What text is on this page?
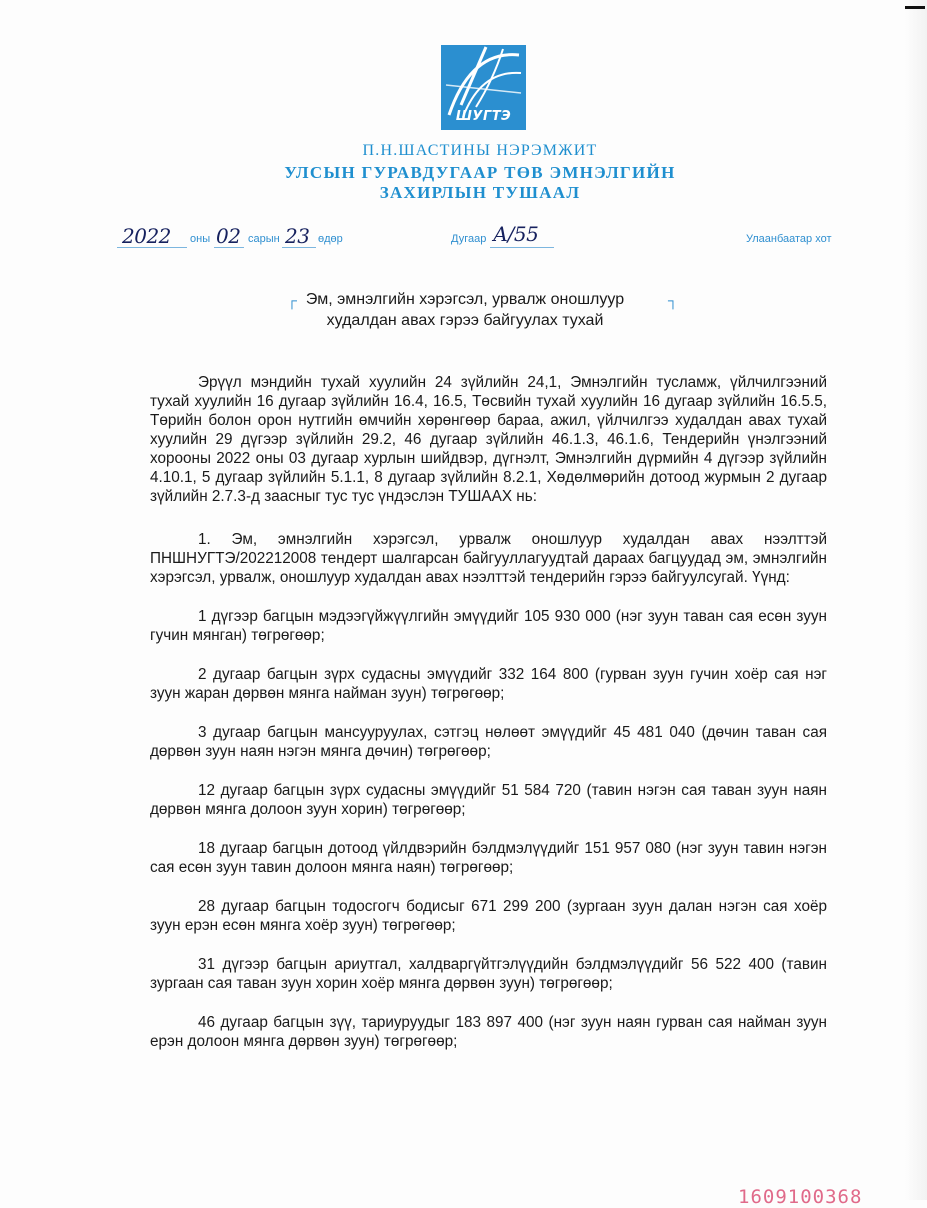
ШУГТЭ
П.Н.ШАСТИНЫ НЭРЭМЖИТ
УЛСЫН ГУРАВДУГААР ТӨВ ЭМНЭЛГИЙН
ЗАХИРЛЫН ТУШААЛ
2022 оны 02 сарын 23 өдөр	Дугаар А/55	Улаанбаатар хот
┌ Эм, эмнэлгийн хэрэгсэл, урвалж оношлуур	┐
худалдан авах гэрээ байгуулах тухай

Эрүүл мэндийн тухай хуулийн 24 зүйлийн 24,1, Эмнэлгийн тусламж, үйлчилгээний тухай хуулийн 16 дугаар зүйлийн 16.4, 16.5, Төсвийн тухай хуулийн 16 дугаар зүйлийн 16.5.5, Төрийн болон орон нутгийн өмчийн хөрөнгөөр бараа, ажил, үйлчилгээ худалдан авах тухай хуулийн 29 дүгээр зүйлийн 29.2, 46 дугаар зүйлийн 46.1.3, 46.1.6, Тендерийн үнэлгээний хорооны 2022 оны 03 дугаар хурлын шийдвэр, дүгнэлт, Эмнэлгийн дүрмийн 4 дүгээр зүйлийн 4.10.1, 5 дугаар зүйлийн 5.1.1, 8 дугаар зүйлийн 8.2.1, Хөдөлмөрийн дотоод журмын 2 дугаар зүйлийн 2.7.3-д заасныг тус тус үндэслэн ТУШААХ нь:

1. Эм, эмнэлгийн хэрэгсэл, урвалж оношлуур худалдан авах нээлттэй ПНШНУГТЭ/202212008 тендерт шалгарсан байгууллагуудтай дараах багцуудад эм, эмнэлгийн хэрэгсэл, урвалж, оношлуур худалдан авах нээлттэй тендерийн гэрээ байгуулсугай. Үүнд:

1 дүгээр багцын мэдээгүйжүүлгийн эмүүдийг 105 930 000 (нэг зуун таван сая есөн зуун гучин мянган) төгрөгөөр;

2 дугаар багцын зүрх судасны эмүүдийг 332 164 800 (гурван зуун гучин хоёр сая нэг зуун жаран дөрвөн мянга найман зуун) төгрөгөөр;

3 дугаар багцын мансууруулах, сэтгэц нөлөөт эмүүдийг 45 481 040 (дөчин таван сая дөрвөн зуун наян нэгэн мянга дөчин) төгрөгөөр;

12 дугаар багцын зүрх судасны эмүүдийг 51 584 720 (тавин нэгэн сая таван зуун наян дөрвөн мянга долоон зуун хорин) төгрөгөөр;

18 дугаар багцын дотоод үйлдвэрийн бэлдмэлүүдийг 151 957 080 (нэг зуун тавин нэгэн сая есөн зуун тавин долоон мянга наян) төгрөгөөр;

28 дугаар багцын тодосгогч бодисыг 671 299 200 (зургаан зуун далан нэгэн сая хоёр зуун ерэн есөн мянга хоёр зуун) төгрөгөөр;

31 дүгээр багцын ариутгал, халдваргүйтгэлүүдийн бэлдмэлүүдийг 56 522 400 (тавин зургаан сая таван зуун хорин хоёр мянга дөрвөн зуун) төгрөгөөр;

46 дугаар багцын зүү, тариуруудыг 183 897 400 (нэг зуун наян гурван сая найман зуун ерэн долоон мянга дөрвөн зуун) төгрөгөөр;

1609100368
